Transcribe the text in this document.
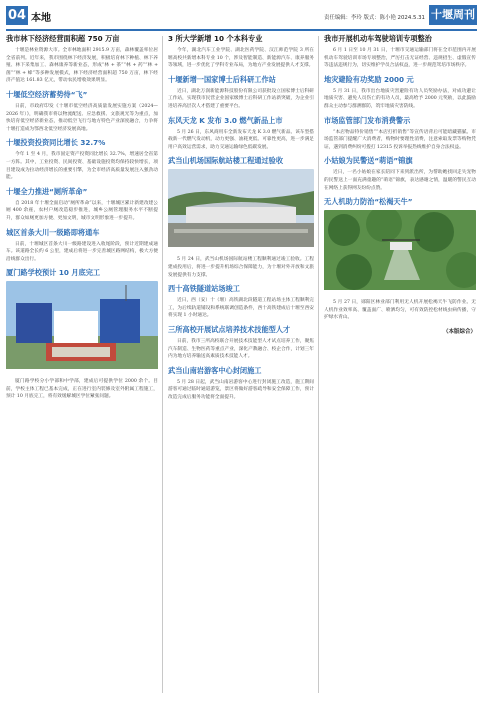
04 本地	责任编辑：李玲 版式：陈小艳 2024.5.31 十堰周刊
我市林下经济经营面积超 750 万亩
十堰是林业资源大市。全市林地面积 2915.9 万亩，森林覆盖率位居全省前列。近年来，我市围绕林下经济发展，积极培育林下种植、林下养殖、林下采集加工、森林康养等新业态，形成“林 + 茶”“林 + 药”“林 + 菌”“林 + 蜂”等多种发展模式，林下经济经营面积超 750 万亩，林下经济产值达 161.83 亿元，带动农民增收效果明显。
十堰低空经济蓄势待“飞”
日前，市政府印发《十堰市低空经济高质量发展实施方案（2024—2026 年）》，明确我市将以物流配送、应急救援、文旅观光等为重点，加快培育低空经济新业态，推动低空飞行与地方特色产业深度融合，力争将十堰打造成为鄂西北低空经济发展高地。
十堰投资投资同比增长 32.7%
今年 1 至 4 月，我市固定资产投资同比增长 32.7%，增速居全省第一方阵。其中，工业投资、民间投资、基础设施投资均保持较快增长，项目建设成为拉动经济增长的重要引擎，为全市经济高质量发展注入强劲动能。
十堰全力推进“厕所革命”
自 2018 年十堰全面启动“厕所革命”以来，十堰城区累计新建改建公厕 400 余座，农村户厕改造稳步推进，城乡公厕管理服务水平不断提升，群众如厕更加方便、更加文明，城市文明形象进一步提升。
城区首条大川一级路即将通车
日前，十堰城区首条大川一级路建设进入收尾阶段，预计近期建成通车。该道路全长约 6 公里，建成后将进一步完善城区路网结构，极大方便沿线群众出行。
厦门路学校预计 10 月底完工
厦门路学校分小学部和中学部，建成后可提供学位 2000 余个。目前，学校主体工程已基本完成，正在进行室内装修及室外附属工程施工，预计 10 月底完工，将有效缓解城区学位紧张问题。
3 所大学新增 10 个本科专业
今年，湖北汽车工业学院、湖北医药学院、汉江师范学院 3 所在堰高校共新增本科专业 10 个，涉及智能制造、新能源汽车、康养服务等领域，进一步优化了学科专业布局，为地方产业发展提供人才支撑。
十堰新增一国家博士后科研工作站
近日，湖北万润新能源科技股份有限公司获批设立国家博士后科研工作站，实现我市民营企业国家级博士后科研工作站新突破，为企业引进培养高层次人才搭建了重要平台。
东风天龙 K 发布 3.0 燃气新品上市
5 月 26 日，东风商用车全新发布天龙 K 3.0 燃气新品。该车型搭载新一代燃气发动机，动力更强、油耗更低、可靠性更高，进一步满足用户高效运营需求，助力交通运输绿色低碳发展。
武当山机场国际航站楼工程通过验收
5 月 24 日，武当山机场国际航站楼工程顺利通过竣工验收。工程建成投用后，将进一步提升机场综合保障能力，为十堰对外开放和文旅发展提供有力支撑。
西十高铁隧道站场竣工
近日，西（安）十（堰）高铁湖北段隧道工程站场主体工程顺利完工，为后续轨道铺设和系统联调创造条件，西十高铁建成后十堰至西安将实现 1 小时通达。
三所高校开展试点培养技术技能型人才
日前，我市三所高校联合开展技术技能型人才试点培养工作，聚焦汽车制造、生物医药等重点产业，深化产教融合、校企合作，计划三年内为地方培养输送高素质技术技能人才。
武当山南岩游客中心封闭施工
5 月 28 日起，武当山南岩游客中心进行封闭施工改造，施工期间游客可通过临时通道游览，景区将做好游客疏导和安全保障工作，预计改造完成后服务功能将全面提升。
我市开展机动车驾驶培训专项整治
6 月 1 日至 10 月 31 日，十堰市交通运输部门将在全市范围内开展机动车驾驶培训市场专项整治，严厉打击无证经营、违规招生、虚假宣传等违法违规行为，切实维护学员合法权益，进一步规范驾培市场秩序。
地灾避险有功奖励 2000 元
5 月 31 日，我市出台地质灾害避险有功人员奖励办法，对成功避让地质灾害、避免人员伤亡的有功人员，最高给予 2000 元奖励，以此鼓励群众主动参与群测群防，筑牢地质灾害防线。
市场监管部门发布消费警示
“本店物品特价销售”“本店打折销售”等宣传语背后可能暗藏猫腻。市场监管部门提醒广大消费者，购物时要理性消费，注意索取发票等购物凭证，遇到消费纠纷可拨打 12315 投诉举报热线维护自身合法权益。
小姑娘为民警送“萌语”锦旗
近日，一名小姑娘在家长陪同下来到派出所，为帮助她找回走失宠物的民警送上一面充满童趣的“萌语”锦旗，表达感谢之情，温暖的警民互动在网络上获得网友纷纷点赞。
无人机助力防治“松褐天牛”
5 月 27 日，郧阳区林业部门利用无人机开展松褐天牛飞防作业。无人机作业效率高、覆盖面广、喷洒均匀，可有效防控松材线虫病传播，守护绿水青山。
（本版综合）
